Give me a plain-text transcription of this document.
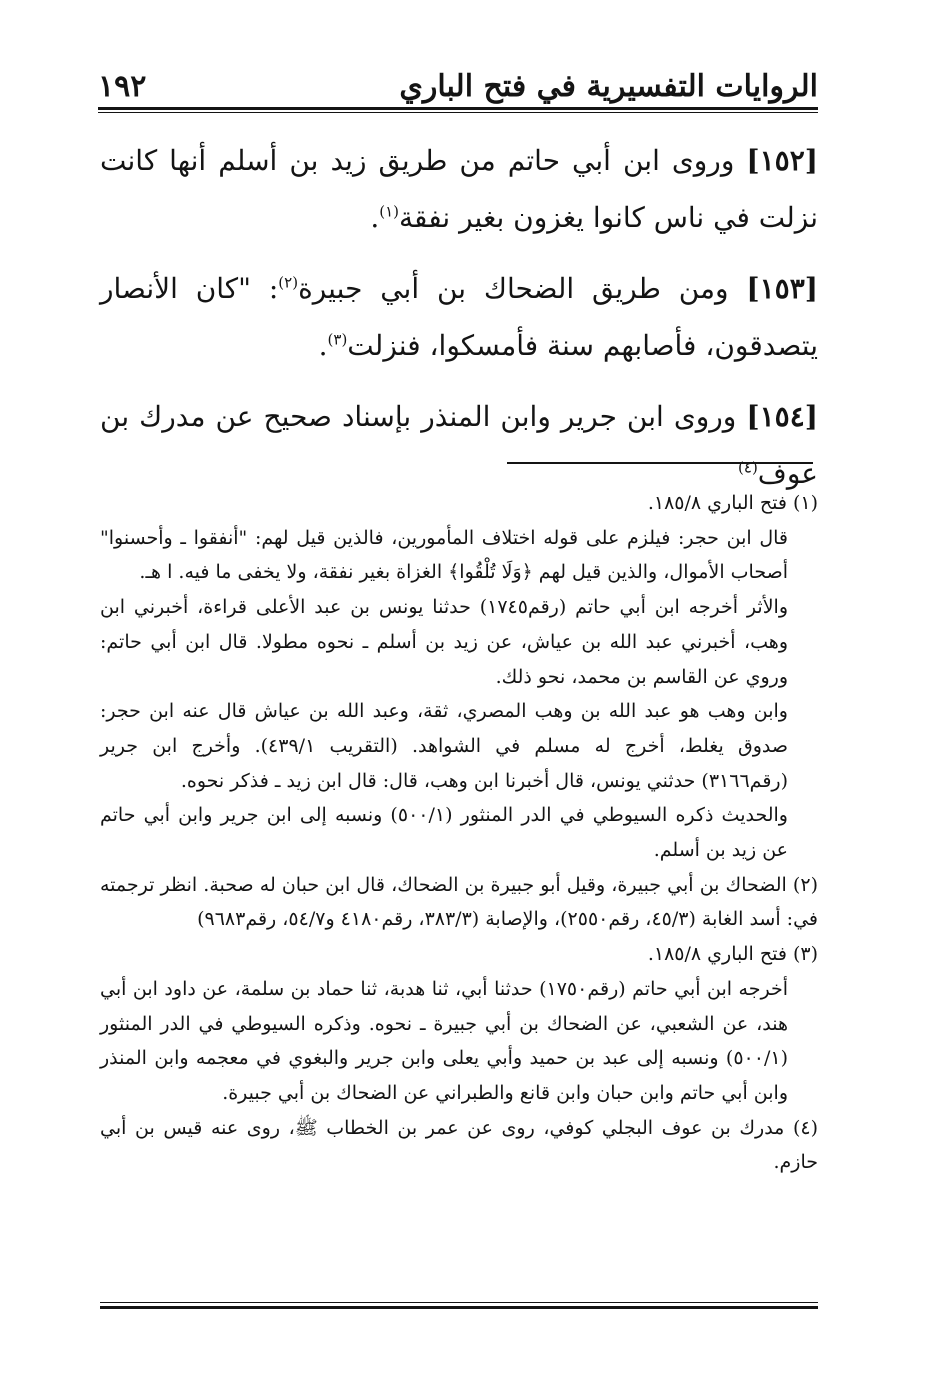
١٩٢	الروايات التفسيرية في فتح الباري

[١٥٢] وروى ابن أبي حاتم من طريق زيد بن أسلم أنها كانت نزلت في ناس كانوا يغزون بغير نفقة$^{(١)}$.

[١٥٣] ومن طريق الضحاك بن أبي جبيرة$^{(٢)}$: "كان الأنصار يتصدقون، فأصابهم سنة فأمسكوا، فنزلت$^{(٣)}$.

[١٥٤] وروى ابن جرير وابن المنذر بإسناد صحيح عن مدرك بن عوف$^{(٤)}$

(١) فتح الباري ١٨٥/٨.

قال ابن حجر: فيلزم على قوله اختلاف المأمورين، فالذين قيل لهم: "أنفقوا ـ وأحسنوا" أصحاب الأموال، والذين قيل لهم ﴿وَلَا تُلْقُوا﴾ الغزاة بغير نفقة، ولا يخفى ما فيه. ا هـ.

والأثر أخرجه ابن أبي حاتم (رقم١٧٤٥) حدثنا يونس بن عبد الأعلى قراءة، أخبرني ابن وهب، أخبرني عبد الله بن عياش، عن زيد بن أسلم ـ نحوه مطولا. قال ابن أبي حاتم: وروي عن القاسم بن محمد، نحو ذلك.

وابن وهب هو عبد الله بن وهب المصري، ثقة، وعبد الله بن عياش قال عنه ابن حجر: صدوق يغلط، أخرج له مسلم في الشواهد. (التقريب ٤٣٩/١). وأخرج ابن جرير (رقم٣١٦٦) حدثني يونس، قال أخبرنا ابن وهب، قال: قال ابن زيد ـ فذكر نحوه.

والحديث ذكره السيوطي في الدر المنثور (٥٠٠/١) ونسبه إلى ابن جرير وابن أبي حاتم عن زيد بن أسلم.

(٢) الضحاك بن أبي جبيرة، وقيل أبو جبيرة بن الضحاك، قال ابن حبان له صحبة. انظر ترجمته في: أسد الغابة (٤٥/٣، رقم٢٥٥٠)، والإصابة (٣٨٣/٣، رقم٤١٨٠ و٥٤/٧، رقم٩٦٨٣)

(٣) فتح الباري ١٨٥/٨.

أخرجه ابن أبي حاتم (رقم١٧٥٠) حدثنا أبي، ثنا هدبة، ثنا حماد بن سلمة، عن داود ابن أبي هند، عن الشعبي، عن الضحاك بن أبي جبيرة ـ نحوه. وذكره السيوطي في الدر المنثور (٥٠٠/١) ونسبه إلى عبد بن حميد وأبي يعلى وابن جرير والبغوي في معجمه وابن المنذر وابن أبي حاتم وابن حبان وابن قانع والطبراني عن الضحاك بن أبي جبيرة.

(٤) مدرك بن عوف البجلي كوفي، روى عن عمر بن الخطاب ﷺ، روى عنه قيس بن أبي حازم.
